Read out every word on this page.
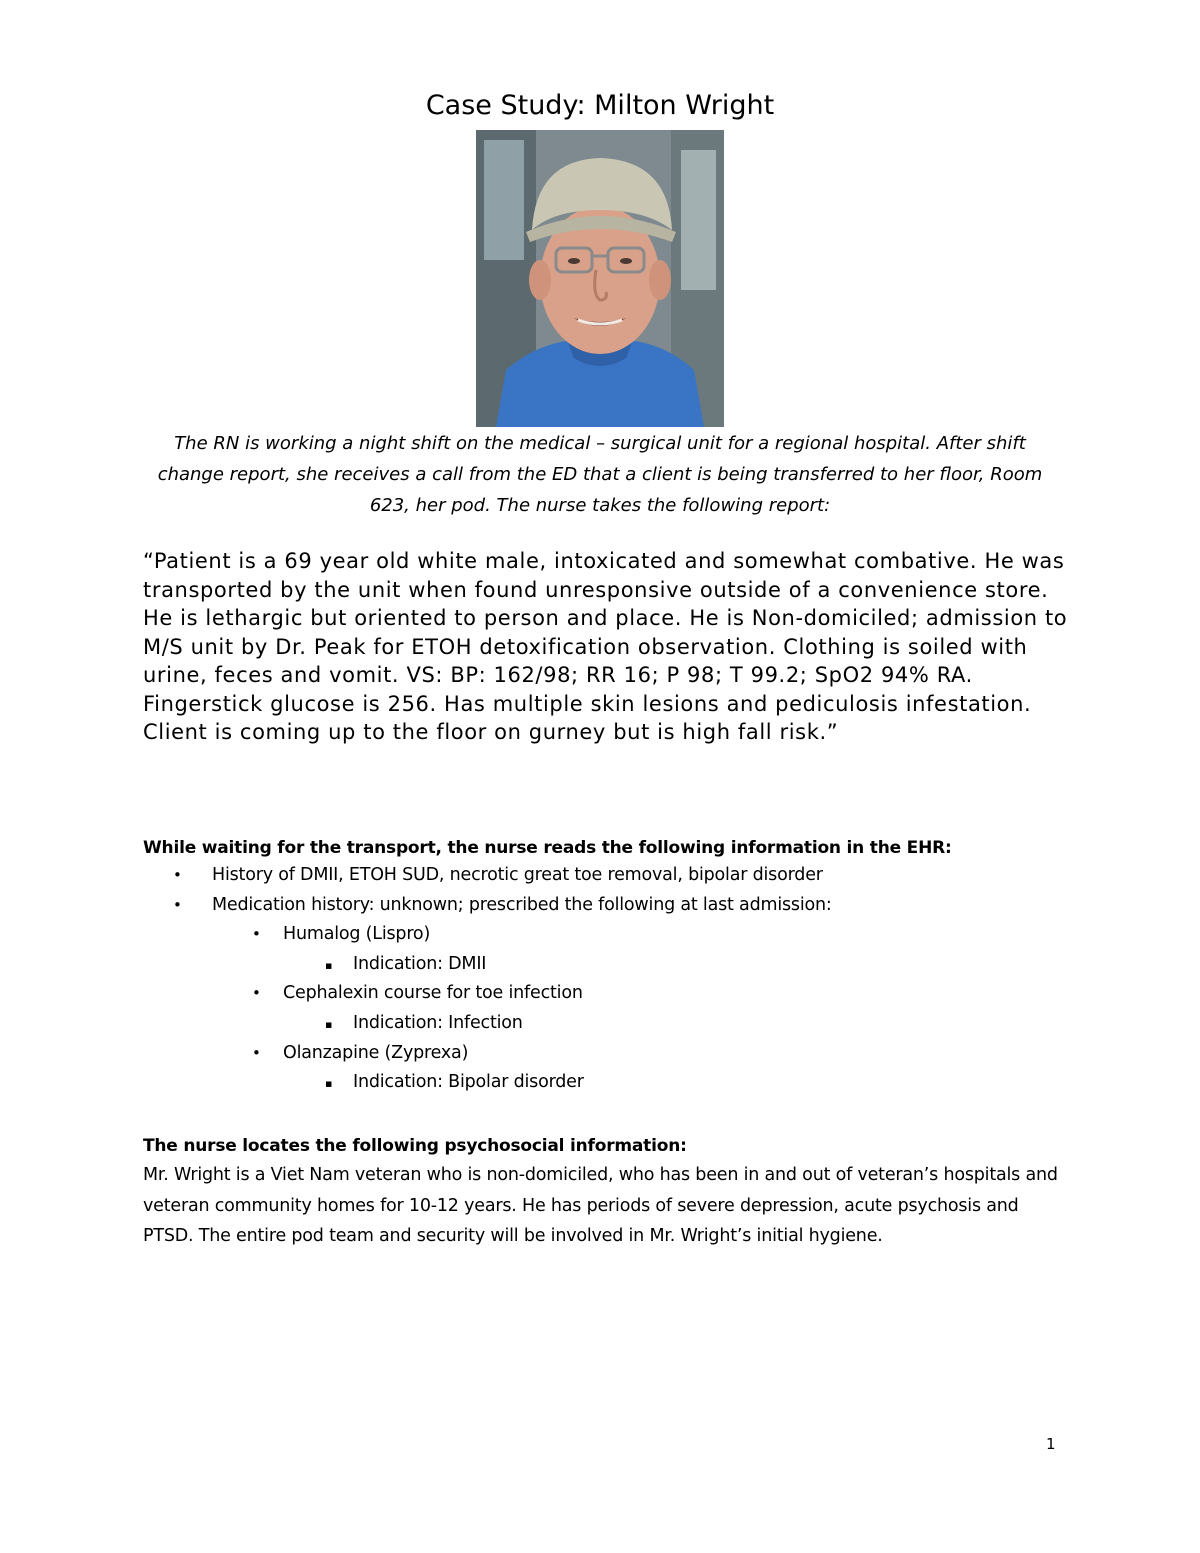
Case Study: Milton Wright

The RN is working a night shift on the medical – surgical unit for a regional hospital. After shift change report, she receives a call from the ED that a client is being transferred to her floor, Room 623, her pod. The nurse takes the following report:

“Patient is a 69 year old white male, intoxicated and somewhat combative. He was transported by the unit when found unresponsive outside of a convenience store. He is lethargic but oriented to person and place. He is Non-domiciled; admission to M/S unit by Dr. Peak for ETOH detoxification observation. Clothing is soiled with urine, feces and vomit. VS: BP: 162/98; RR 16; P 98; T 99.2; SpO2 94% RA. Fingerstick glucose is 256. Has multiple skin lesions and pediculosis infestation. Client is coming up to the floor on gurney but is high fall risk.”

While waiting for the transport, the nurse reads the following information in the EHR:

• History of DMII, ETOH SUD, necrotic great toe removal, bipolar disorder
• Medication history: unknown; prescribed the following at last admission:
• Humalog (Lispro)
▪ Indication: DMII
• Cephalexin course for toe infection
▪ Indication: Infection
• Olanzapine (Zyprexa)
▪ Indication: Bipolar disorder

The nurse locates the following psychosocial information:

Mr. Wright is a Viet Nam veteran who is non-domiciled, who has been in and out of veteran’s hospitals and veteran community homes for 10-12 years. He has periods of severe depression, acute psychosis and PTSD. The entire pod team and security will be involved in Mr. Wright’s initial hygiene.

1
